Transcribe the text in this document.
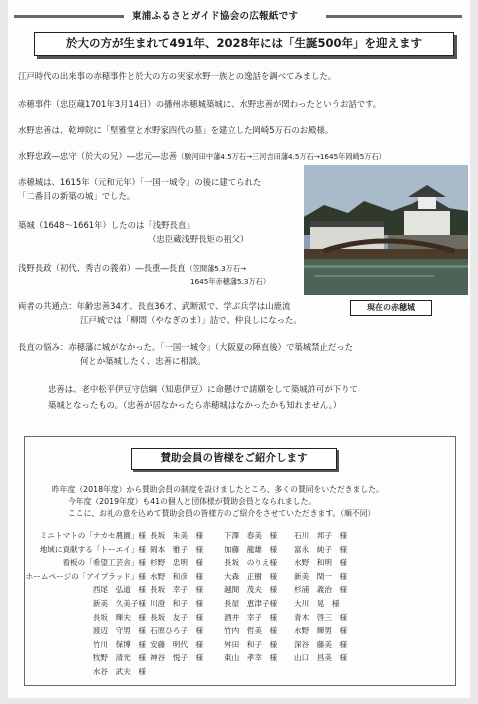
東浦ふるさとガイド協会の広報紙です
於大の方が生まれて491年、2028年には「生誕500年」を迎えます
江戸時代の出来事の赤穂事件と於大の方の実家水野一族との逸話を調べてみました。
赤穂事件（忠臣蔵1701年3月14日）の播州赤穂城築城に、水野忠善が関わったというお話です。
水野忠善は、乾坤院に「堅雅堂と水野家四代の墓」を建立した岡崎5万石のお殿様。
水野忠政―忠守（於大の兄）―忠元―忠善（駿河田中藩4.5万石→三河吉田藩4.5万石→1645年岡崎5万石）
赤穂城は、1615年（元和元年）「一国一城令」の後に建てられた
「二番目の新築の城」でした。
築城（1648～1661年）したのは「浅野長直」
（忠臣蔵浅野長矩の祖父）
浅野長政（初代、秀吉の義弟）―長重―長直（笠間藩5.3万石→
1645年赤穂藩5.3万石）
現在の赤穂城
両者の共通点：年齢忠善34才、長直36才、武断派で、学ぶ兵学は山鹿流
江戸城では「柳間（やなぎのま）」詰で、仲良しになった。
長直の悩み：赤穂藩に城がなかった。「一国一城令」（大阪夏の陣直後）で築城禁止だった
何とか築城したく、忠善に相談。
忠善は、老中松平伊豆守信綱（知恵伊豆）に命懸けで請願をして築城許可が下りて
築城となったもの。（忠善が居なかったら赤穂城はなかったかも知れません。）
賛助会員の皆様をご紹介します
昨年度（2018年度）から賛助会員の制度を設けましたところ、多くの賛同をいただきました。
今年度（2019年度）も41の個人と団体様が賛助会員となられました。
ここに、お礼の意を込めて賛助会員の皆様方のご紹介をさせていただきます。（順不同）
ミニトマトの「ナカセ農園」様 長坂　朱美　様	下澤　春美　様 石川　邦子　様
地域に貢献する「トーエイ」様 岡本　雅子　様	加藤　龍雄　様 富永　純子　様
看板の「希望工芸舎」様 杉野　忠明　様	長坂　のりえ様 水野　和明　様
ホームページの「アイブラッド」様 水野　和彦　様	大森　正樹　様 新美　閏一　様
西尾　弘道　様 長坂　幸子　様	越間　茂夫　様 杉浦　義治　様
新美　久美子様 川澄　和子　様	長屋　恵津子様 大川　晃　様
長坂　輝夫　様 長坂　友子　様	酒井　幸子　様 青木　啓三　様
渡辺　守男　様 石原ひろ子　様	竹内　哲美　様 水野　輝男　様
竹川　保博　様 安藤　明代　様	舛田　和子　様 深谷　藤美　様
牧野　清光　様 神谷　悦子　様	東山　孝幸　様 山口　昌美　様
水谷　武夫　様
